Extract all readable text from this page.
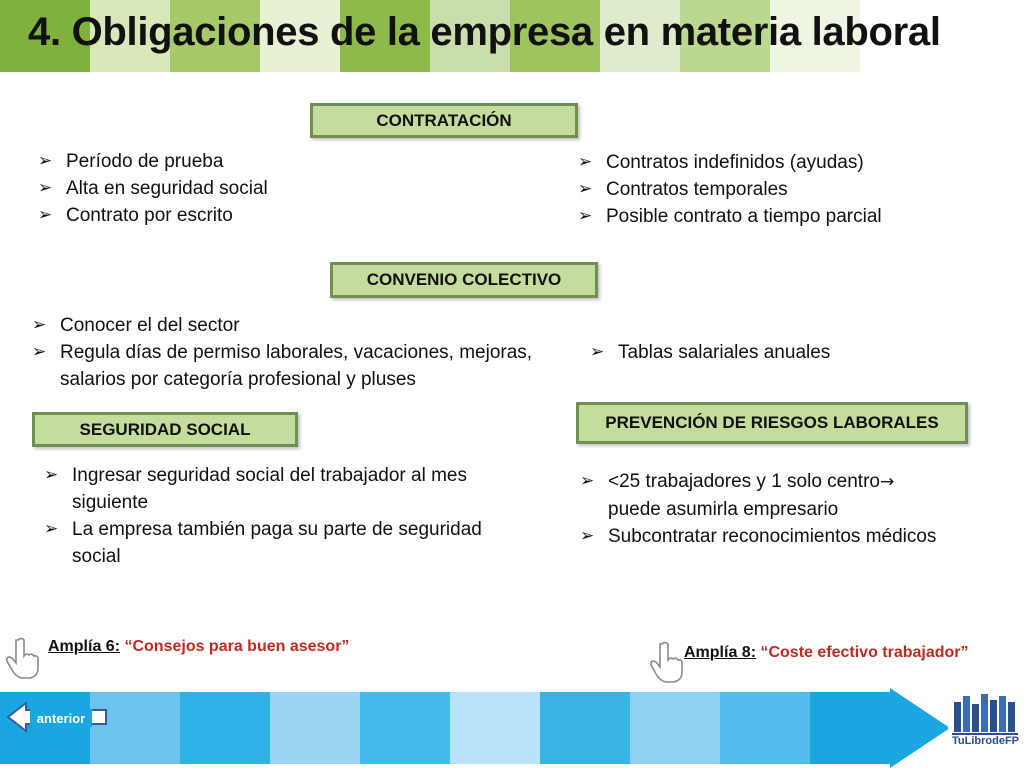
4. Obligaciones de la empresa en materia laboral
CONTRATACIÓN
➢ Período de prueba
➢ Alta en seguridad social
➢ Contrato por escrito
➢ Contratos indefinidos (ayudas)
➢ Contratos temporales
➢ Posible contrato a tiempo parcial
CONVENIO COLECTIVO
➢ Conocer el del sector
➢ Regula días de permiso laborales, vacaciones, mejoras, salarios por categoría profesional y pluses
➢ Tablas salariales anuales
SEGURIDAD SOCIAL
➢ Ingresar seguridad social del trabajador al mes siguiente
➢ La empresa también paga su parte de seguridad social
PREVENCIÓN DE RIESGOS LABORALES
➢ <25 trabajadores y 1 solo centro→
puede asumirla empresario
➢ Subcontratar reconocimientos médicos
Amplía 6: “Consejos para buen asesor”	Amplía 8: “Coste efectivo trabajador”
anterior
TuLibrodeFP
